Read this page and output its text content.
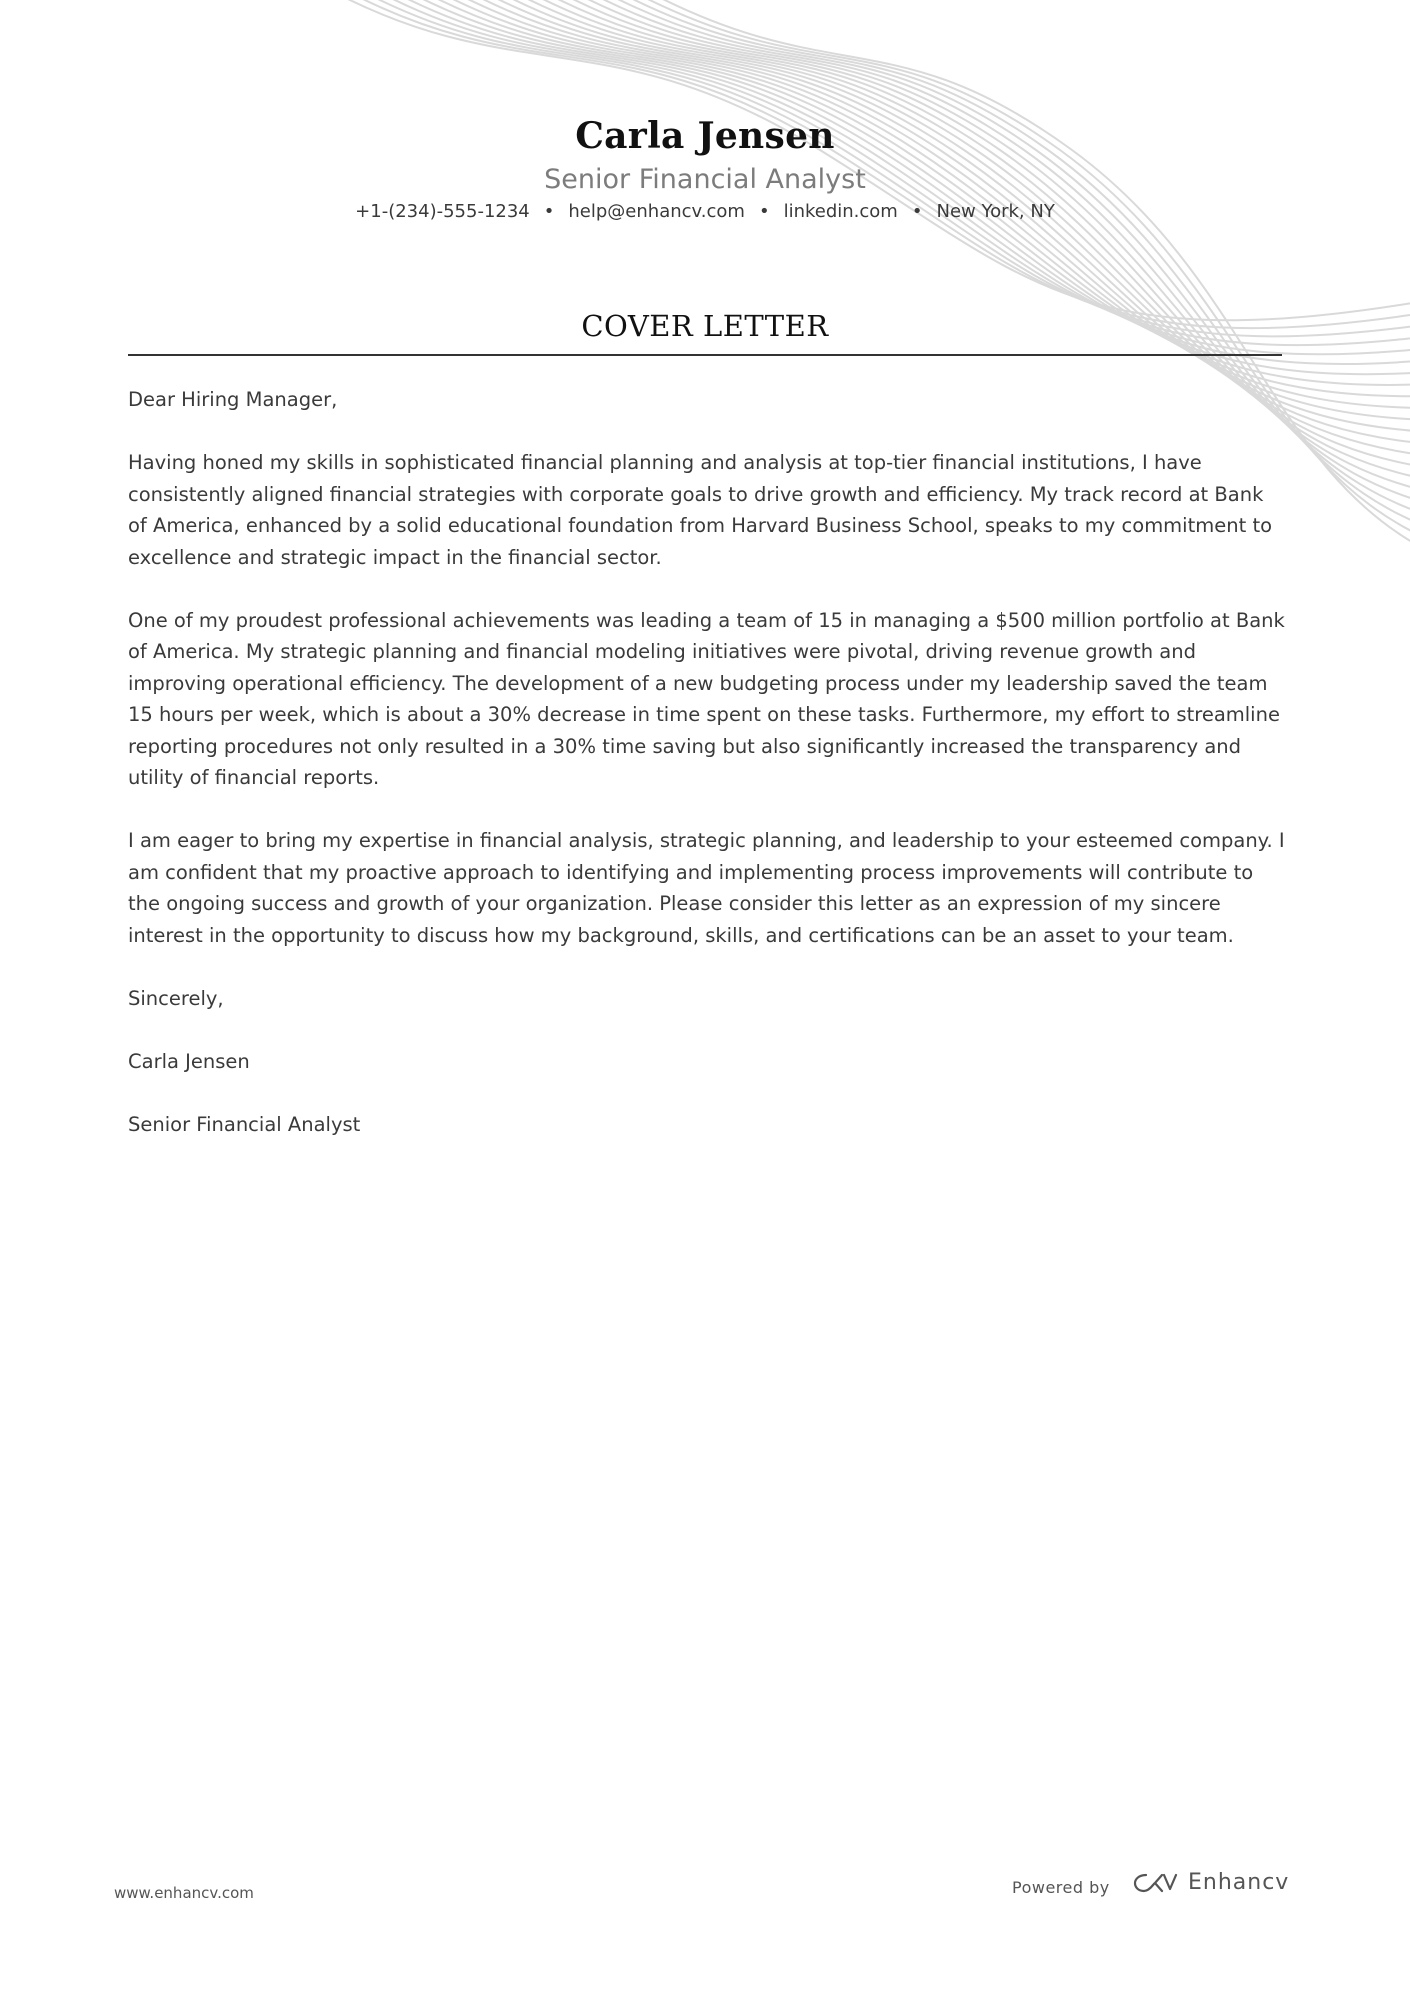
Carla Jensen
Senior Financial Analyst
+1-(234)-555-1234 • help@enhancv.com • linkedin.com • New York, NY
COVER LETTER

Dear Hiring Manager,

Having honed my skills in sophisticated financial planning and analysis at top-tier financial institutions, I have consistently aligned financial strategies with corporate goals to drive growth and efficiency. My track record at Bank of America, enhanced by a solid educational foundation from Harvard Business School, speaks to my commitment to excellence and strategic impact in the financial sector.

One of my proudest professional achievements was leading a team of 15 in managing a $500 million portfolio at Bank of America. My strategic planning and financial modeling initiatives were pivotal, driving revenue growth and improving operational efficiency. The development of a new budgeting process under my leadership saved the team 15 hours per week, which is about a 30% decrease in time spent on these tasks. Furthermore, my effort to streamline reporting procedures not only resulted in a 30% time saving but also significantly increased the transparency and utility of financial reports.

I am eager to bring my expertise in financial analysis, strategic planning, and leadership to your esteemed company. I am confident that my proactive approach to identifying and implementing process improvements will contribute to the ongoing success and growth of your organization. Please consider this letter as an expression of my sincere interest in the opportunity to discuss how my background, skills, and certifications can be an asset to your team.

Sincerely,

Carla Jensen

Senior Financial Analyst

www.enhancv.com	Powered by	Enhancv
